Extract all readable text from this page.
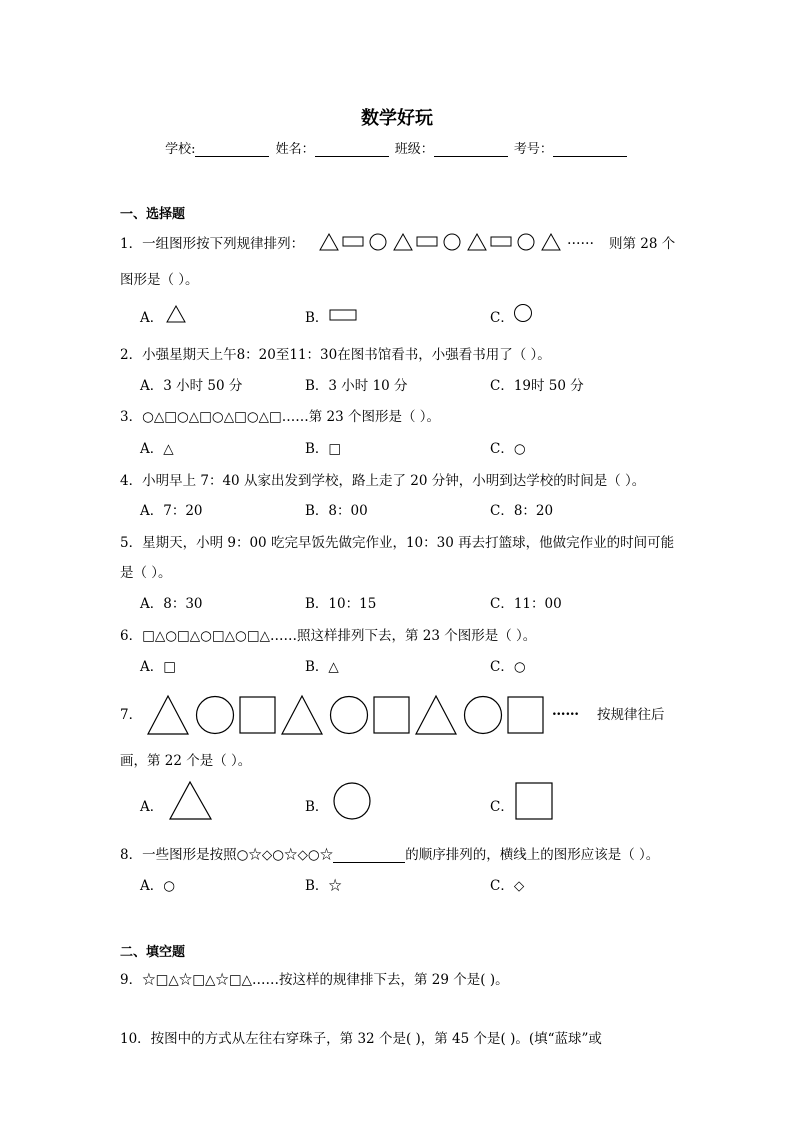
数学好玩
学校:	姓名：	班级：	考号：
一、选择题
1．一组图形按下列规律排列：	…… 则第 28 个
图形是（ ）。
A．	B．	C．
2．小强星期天上午8：20至11：30在图书馆看书，小强看书用了（ ）。
A．3 小时 50 分	B．3 小时 10 分	C．19时 50 分
3．○△□○△□○△□○△□……第 23 个图形是（ ）。
A．△	B．□	C．○
4．小明早上 7：40 从家出发到学校，路上走了 20 分钟，小明到达学校的时间是（ ）。
A．7：20	B．8：00	C．8：20
5．星期天，小明 9：00 吃完早饭先做完作业，10：30 再去打篮球，他做完作业的时间可能
是（ ）。
A．8：30	B．10：15	C．11：00
6．□△○□△○□△○□△……照这样排列下去，第 23 个图形是（ ）。
A．□	B．△	C．○
7．	…… 按规律往后
画，第 22 个是（ ）。
A．	B．	C．
8．一些图形是按照○☆◇○☆◇○☆	的顺序排列的，横线上的图形应该是（ ）。
A．○	B．☆	C．◇
二、填空题
9．☆□△☆□△☆□△……按这样的规律排下去，第 29 个是( )。
10．按图中的方式从左往右穿珠子，第 32 个是( )，第 45 个是( )。(填“蓝球”或
